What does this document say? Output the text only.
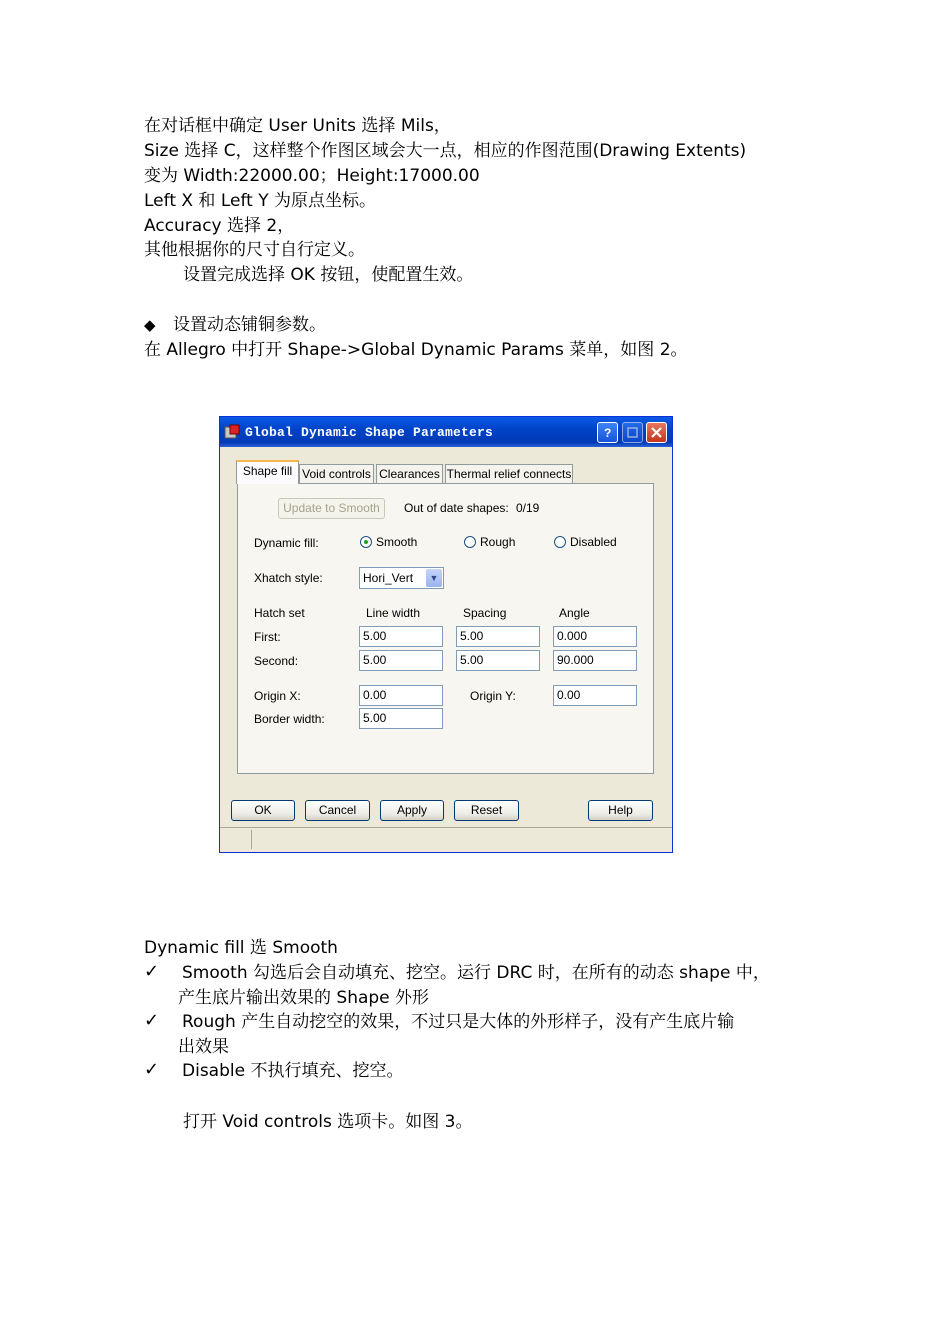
在对话框中确定 User Units 选择 Mils，
Size 选择 C，这样整个作图区域会大一点，相应的作图范围(Drawing Extents)
变为 Width:22000.00；Height:17000.00
Left X 和 Left Y 为原点坐标。
Accuracy 选择 2，
其他根据你的尺寸自行定义。
设置完成选择 OK 按钮，使配置生效。
◆ 设置动态铺铜参数。
在 Allegro 中打开 Shape->Global Dynamic Params 菜单，如图 2。
Global Dynamic Shape Parameters	?
Shape fill Void controls Clearances Thermal relief connects
Update to Smooth	Out of date shapes: 0/19
Dynamic fill:	Smooth	Rough	Disabled
Xhatch style:	Hori_Vert	▼
Hatch set	Line width	Spacing	Angle
First:	5.00	5.00	0.000
Second:	5.00	5.00	90.000
Origin X:	0.00	Origin Y:	0.00
Border width:	5.00
OK	Cancel	Apply	Reset	Help
Dynamic fill 选 Smooth
✓ Smooth 勾选后会自动填充、挖空。运行 DRC 时，在所有的动态 shape 中，
产生底片输出效果的 Shape 外形
✓ Rough 产生自动挖空的效果，不过只是大体的外形样子，没有产生底片输
出效果
✓ Disable 不执行填充、挖空。
打开 Void controls 选项卡。如图 3。
